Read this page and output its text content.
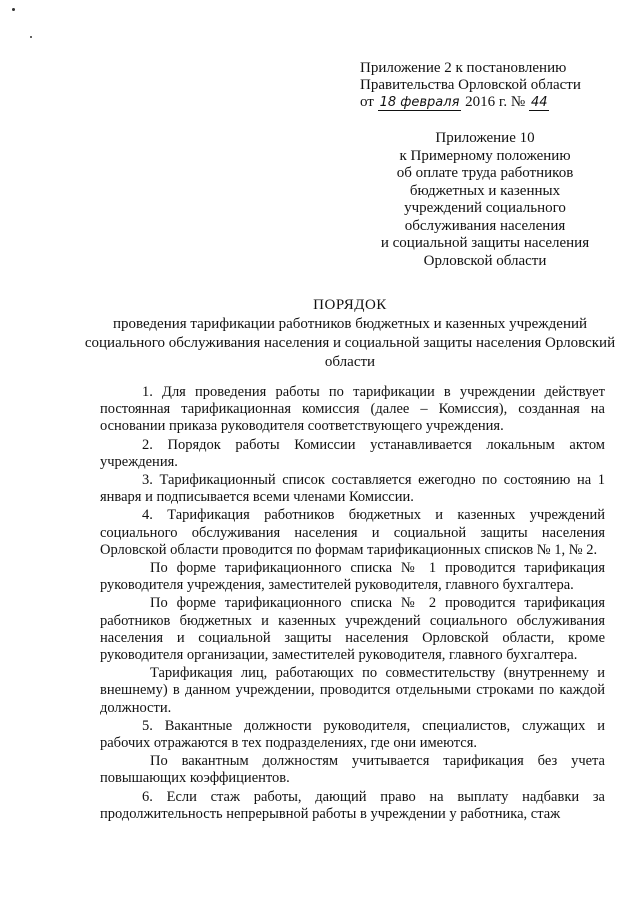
Приложение 2 к постановлению
Правительства Орловской области
от 18 февраля 2016 г. № 44
Приложение 10
к Примерному положению
об оплате труда работников
бюджетных и казенных
учреждений социального
обслуживания населения
и социальной защиты населения
Орловской области
ПОРЯДОК
проведения тарификации работников бюджетных и казенных учреждений социального обслуживания населения и социальной защиты населения Орловский области

1. Для проведения работы по тарификации в учреждении действует постоянная тарификационная комиссия (далее – Комиссия), созданная на основании приказа руководителя соответствующего учреждения.

2. Порядок работы Комиссии устанавливается локальным актом учреждения.

3. Тарификационный список составляется ежегодно по состоянию на 1 января и подписывается всеми членами Комиссии.

4. Тарификация работников бюджетных и казенных учреждений социального обслуживания населения и социальной защиты населения Орловской области проводится по формам тарификационных списков № 1, № 2.

По форме тарификационного списка № 1 проводится тарификация руководителя учреждения, заместителей руководителя, главного бухгалтера.

По форме тарификационного списка № 2 проводится тарификация работников бюджетных и казенных учреждений социального обслуживания населения и социальной защиты населения Орловской области, кроме руководителя организации, заместителей руководителя, главного бухгалтера.

Тарификация лиц, работающих по совместительству (внутреннему и внешнему) в данном учреждении, проводится отдельными строками по каждой должности.

5. Вакантные должности руководителя, специалистов, служащих и рабочих отражаются в тех подразделениях, где они имеются.

По вакантным должностям учитывается тарификация без учета повышающих коэффициентов.

6. Если стаж работы, дающий право на выплату надбавки за продолжительность непрерывной работы в учреждении у работника, стаж
